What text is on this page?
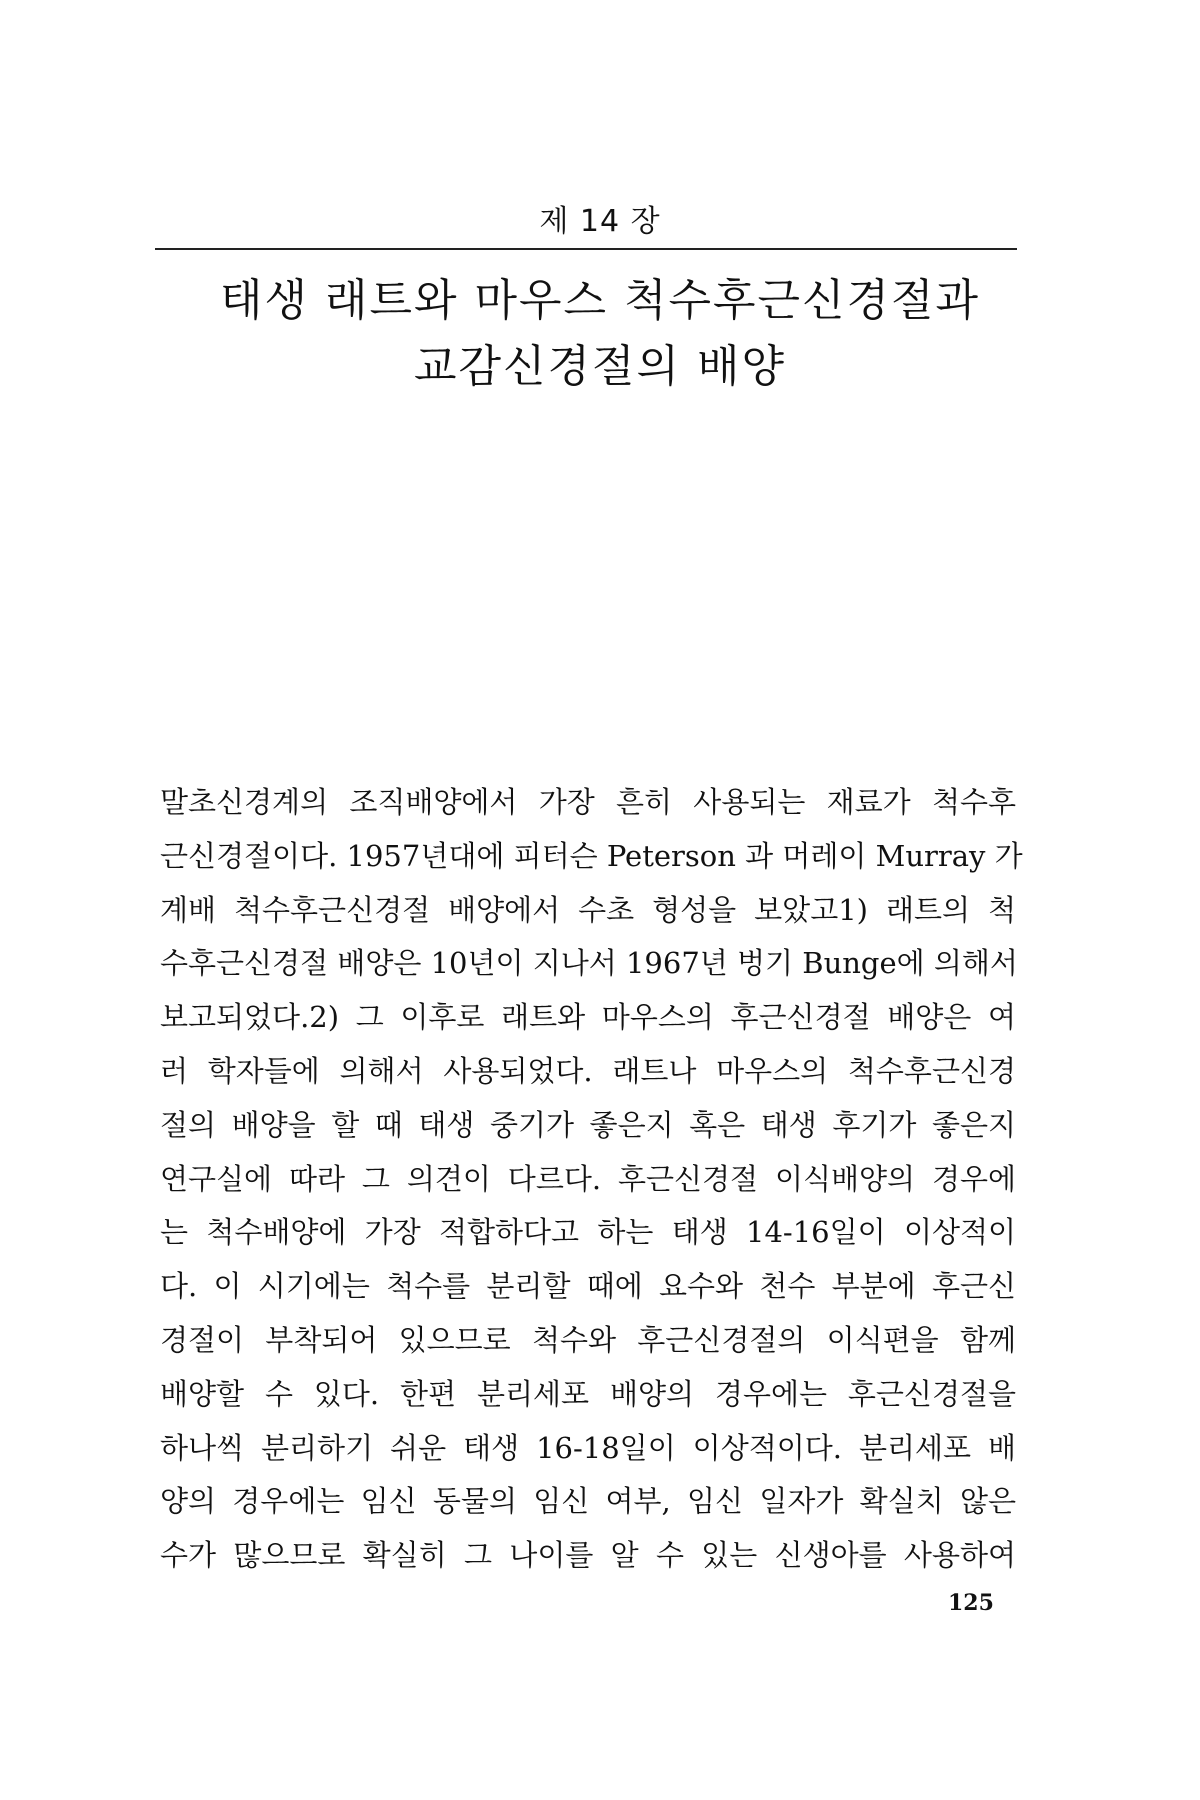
제 14 장
태생 래트와 마우스 척수후근신경절과
교감신경절의 배양
말초신경계의 조직배양에서 가장 흔히 사용되는 재료가 척수후
근신경절이다. 1957년대에 피터슨 Peterson 과 머레이 Murray 가
계배 척수후근신경절 배양에서 수초 형성을 보았고1) 래트의 척
수후근신경절 배양은 10년이 지나서 1967년 벙기 Bunge에 의해서
보고되었다.2) 그 이후로 래트와 마우스의 후근신경절 배양은 여
러 학자들에 의해서 사용되었다. 래트나 마우스의 척수후근신경
절의 배양을 할 때 태생 중기가 좋은지 혹은 태생 후기가 좋은지
연구실에 따라 그 의견이 다르다. 후근신경절 이식배양의 경우에
는 척수배양에 가장 적합하다고 하는 태생 14-16일이 이상적이
다. 이 시기에는 척수를 분리할 때에 요수와 천수 부분에 후근신
경절이 부착되어 있으므로 척수와 후근신경절의 이식편을 함께
배양할 수 있다. 한편 분리세포 배양의 경우에는 후근신경절을
하나씩 분리하기 쉬운 태생 16-18일이 이상적이다. 분리세포 배
양의 경우에는 임신 동물의 임신 여부, 임신 일자가 확실치 않은
수가 많으므로 확실히 그 나이를 알 수 있는 신생아를 사용하여
125
